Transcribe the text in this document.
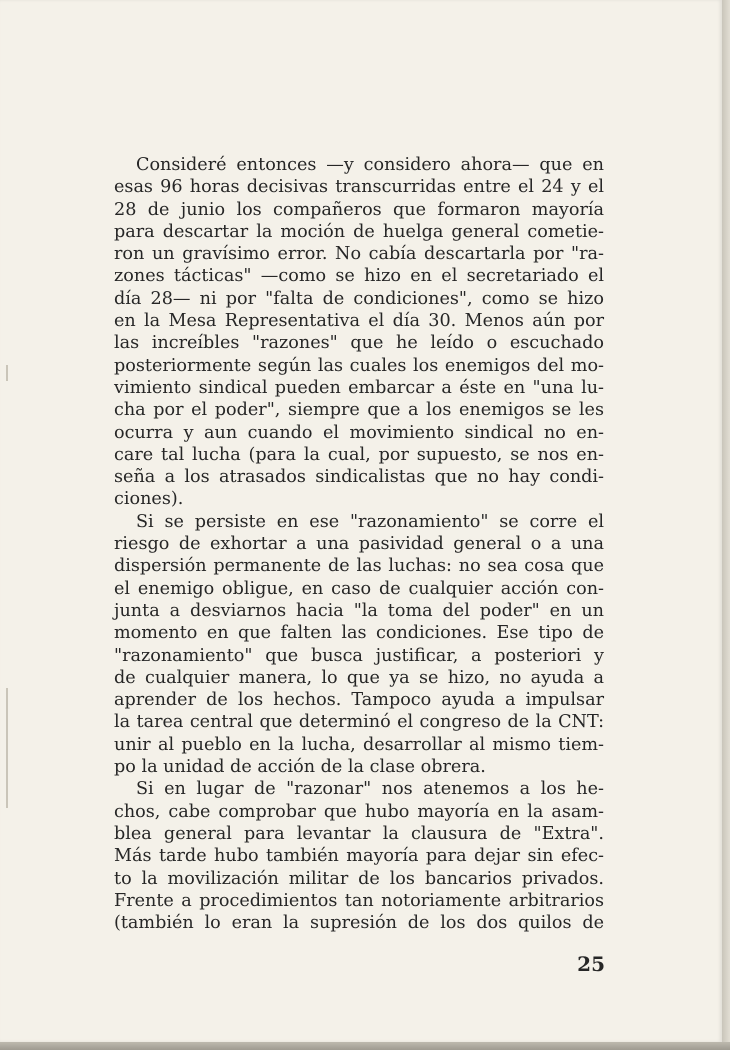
Consideré entonces —y considero ahora— que en
esas 96 horas decisivas transcurridas entre el 24 y el
28 de junio los compañeros que formaron mayoría
para descartar la moción de huelga general cometie-
ron un gravísimo error. No cabía descartarla por "ra-
zones tácticas" —como se hizo en el secretariado el
día 28— ni por "falta de condiciones", como se hizo
en la Mesa Representativa el día 30. Menos aún por
las increíbles "razones" que he leído o escuchado
posteriormente según las cuales los enemigos del mo-
vimiento sindical pueden embarcar a éste en "una lu-
cha por el poder", siempre que a los enemigos se les
ocurra y aun cuando el movimiento sindical no en-
care tal lucha (para la cual, por supuesto, se nos en-
seña a los atrasados sindicalistas que no hay condi-
ciones).
Si se persiste en ese "razonamiento" se corre el
riesgo de exhortar a una pasividad general o a una
dispersión permanente de las luchas: no sea cosa que
el enemigo obligue, en caso de cualquier acción con-
junta a desviarnos hacia "la toma del poder" en un
momento en que falten las condiciones. Ese tipo de
"razonamiento" que busca justificar, a posteriori y
de cualquier manera, lo que ya se hizo, no ayuda a
aprender de los hechos. Tampoco ayuda a impulsar
la tarea central que determinó el congreso de la CNT:
unir al pueblo en la lucha, desarrollar al mismo tiem-
po la unidad de acción de la clase obrera.
Si en lugar de "razonar" nos atenemos a los he-
chos, cabe comprobar que hubo mayoría en la asam-
blea general para levantar la clausura de "Extra".
Más tarde hubo también mayoría para dejar sin efec-
to la movilización militar de los bancarios privados.
Frente a procedimientos tan notoriamente arbitrarios
(también lo eran la supresión de los dos quilos de
25
